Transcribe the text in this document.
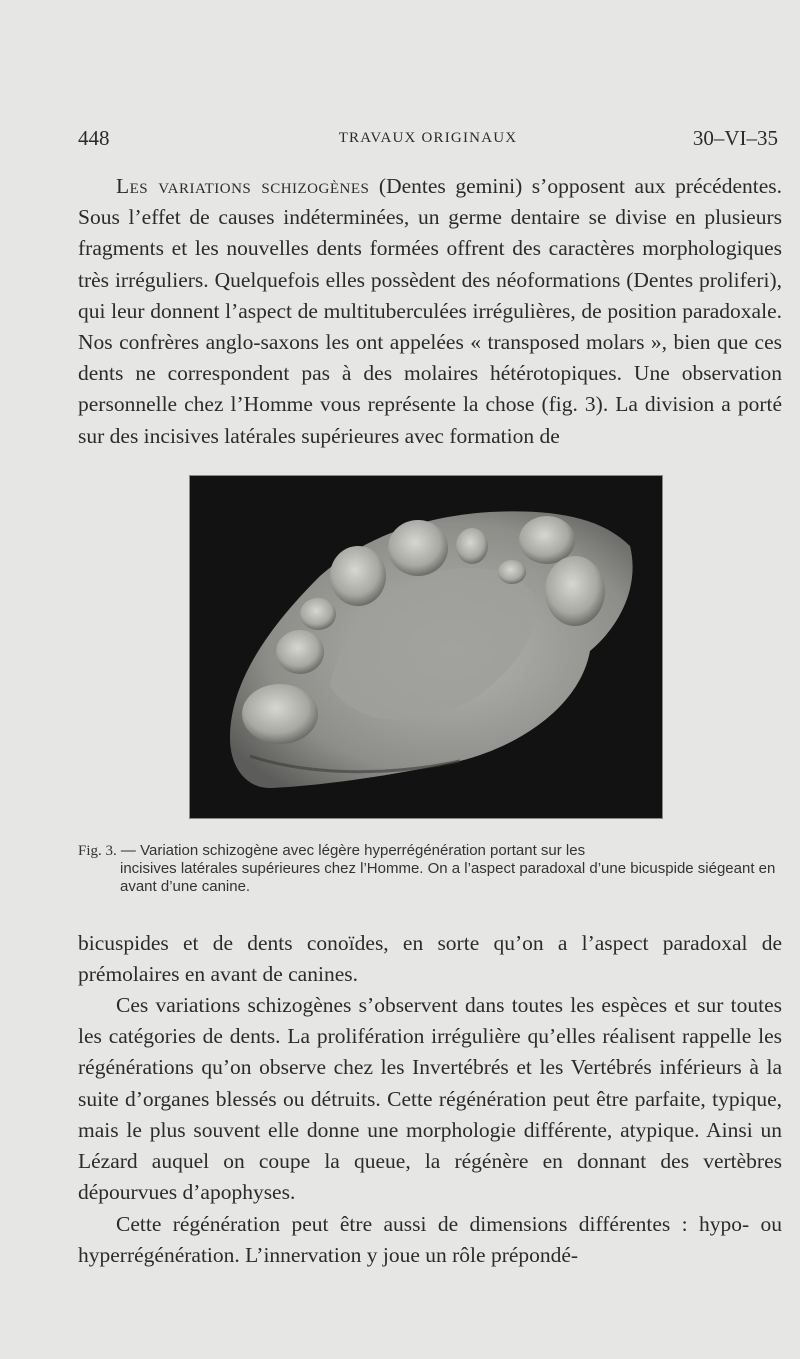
448	TRAVAUX ORIGINAUX	30–VI–35

Les variations schizogènes (Dentes gemini) s’opposent aux précédentes. Sous l’effet de causes indéterminées, un germe dentaire se divise en plusieurs fragments et les nouvelles dents formées offrent des caractères morphologiques très irréguliers. Quelquefois elles possèdent des néoformations (Dentes proliferi), qui leur donnent l’aspect de multituberculées irrégulières, de position paradoxale. Nos confrères anglo-saxons les ont appelées « transposed molars », bien que ces dents ne correspondent pas à des molaires hétérotopiques. Une observation personnelle chez l’Homme vous représente la chose (fig. 3). La division a porté sur des incisives latérales supérieures avec formation de

Fig. 3. — Variation schizogène avec légère hyperrégénération portant sur les
incisives latérales supérieures chez l’Homme. On a l’aspect paradoxal d’une bicuspide siégeant en avant d’une canine.

bicuspides et de dents conoïdes, en sorte qu’on a l’aspect paradoxal de prémolaires en avant de canines.

Ces variations schizogènes s’observent dans toutes les espèces et sur toutes les catégories de dents. La prolifération irrégulière qu’elles réalisent rappelle les régénérations qu’on observe chez les Invertébrés et les Vertébrés inférieurs à la suite d’organes blessés ou détruits. Cette régénération peut être parfaite, typique, mais le plus souvent elle donne une morphologie différente, atypique. Ainsi un Lézard auquel on coupe la queue, la régénère en donnant des vertèbres dépourvues d’apophyses.

Cette régénération peut être aussi de dimensions différentes : hypo- ou hyperrégénération. L’innervation y joue un rôle prépondé-
